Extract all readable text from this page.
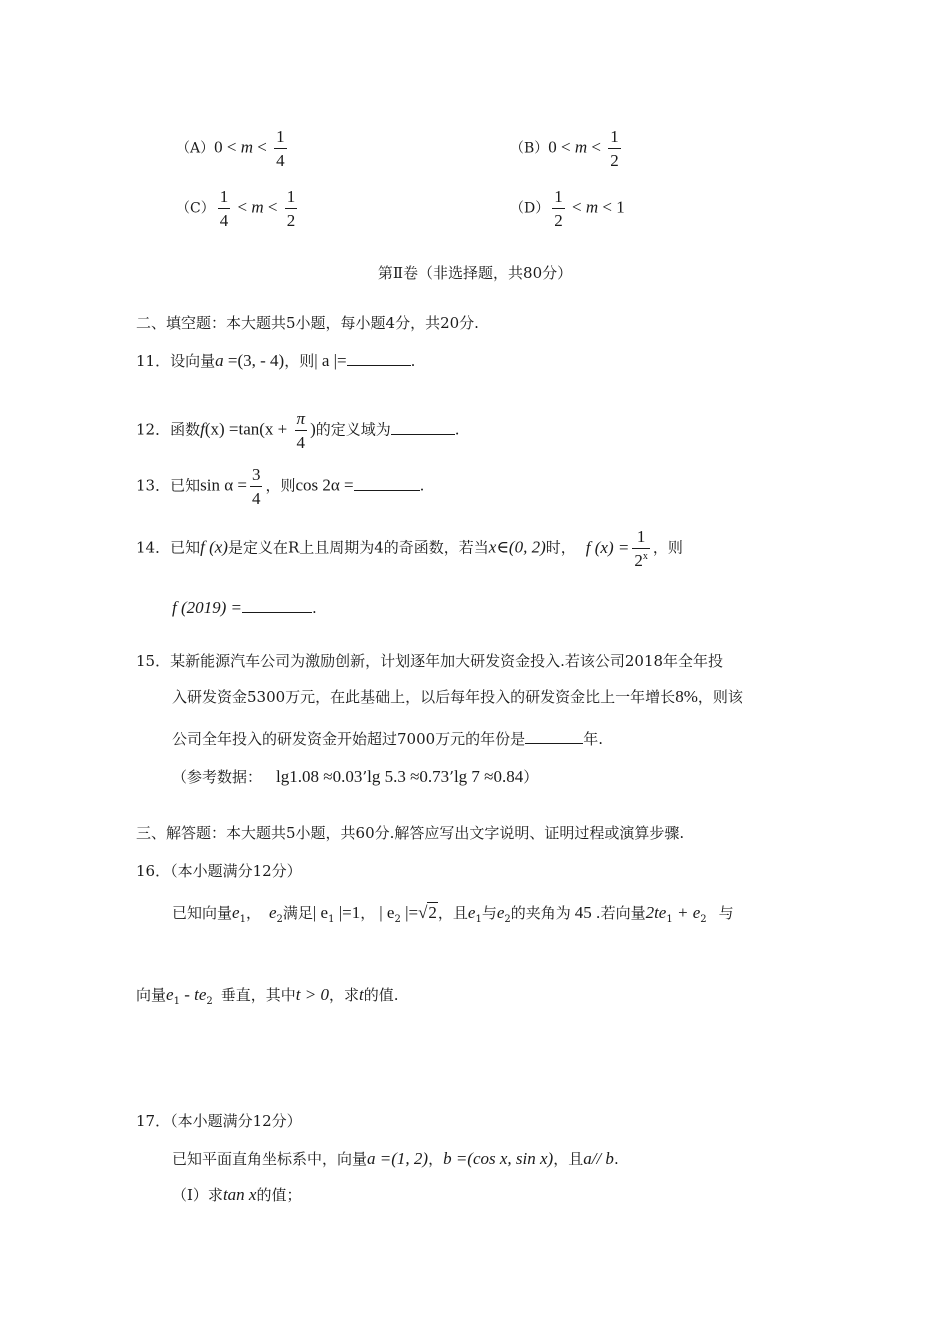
$(A)0 < m < \frac{1}{4}$	$(B)0 < m < \frac{1}{2}$
$(C) \frac{1}{4} < m < \frac{1}{2}$	$(D) \frac{1}{2} < m < 1$
第Ⅱ卷（非选择题，共80分）
二、填空题：本大题共5小题，每小题4分，共20分.
11．设向量a =(3, - 4)，则| a |=	.
12．函数$f(x) =\tan(x + \frac{\pi}{4}$ )的定义域为	.
13．已知$\sin \alpha = \frac{3}{4}$ ，则cos 2α =	.
14．已知f (x)是定义在R上且周期为4的奇函数，若当x∈(0, 2)时， f $(x) = \frac{1}{2^x}$ ，则
f (2019) =	.
15．某新能源汽车公司为激励创新，计划逐年加大研发资金投入.若该公司2018年全年投
入研发资金5300万元，在此基础上，以后每年投入的研发资金比上一年增长8%，则该
公司全年投入的研发资金开始超过7000万元的年份是	年.
（参考数据： lg1.08 ≈0.03’lg 5.3 ≈0.73’lg 7 ≈0.84）
三、解答题：本大题共5小题，共60分.解答应写出文字说明、证明过程或演算步骤.
16．（本小题满分12分）
已知向量$e_1$， $e_2$满足| $e_1$ |=1， | $e_2$ |=√2，且$e_1$与$e_2$的夹角为 45 .若向量$2te_1 + e_2$ 与
向量$e_1 - te_2$ 垂直，其中t > 0，求t的值.
17．（本小题满分12分）
已知平面直角坐标系中，向量a =(1, 2)，b =(cos x, sin x)，且a// b.
（Ⅰ）求tan x的值；
